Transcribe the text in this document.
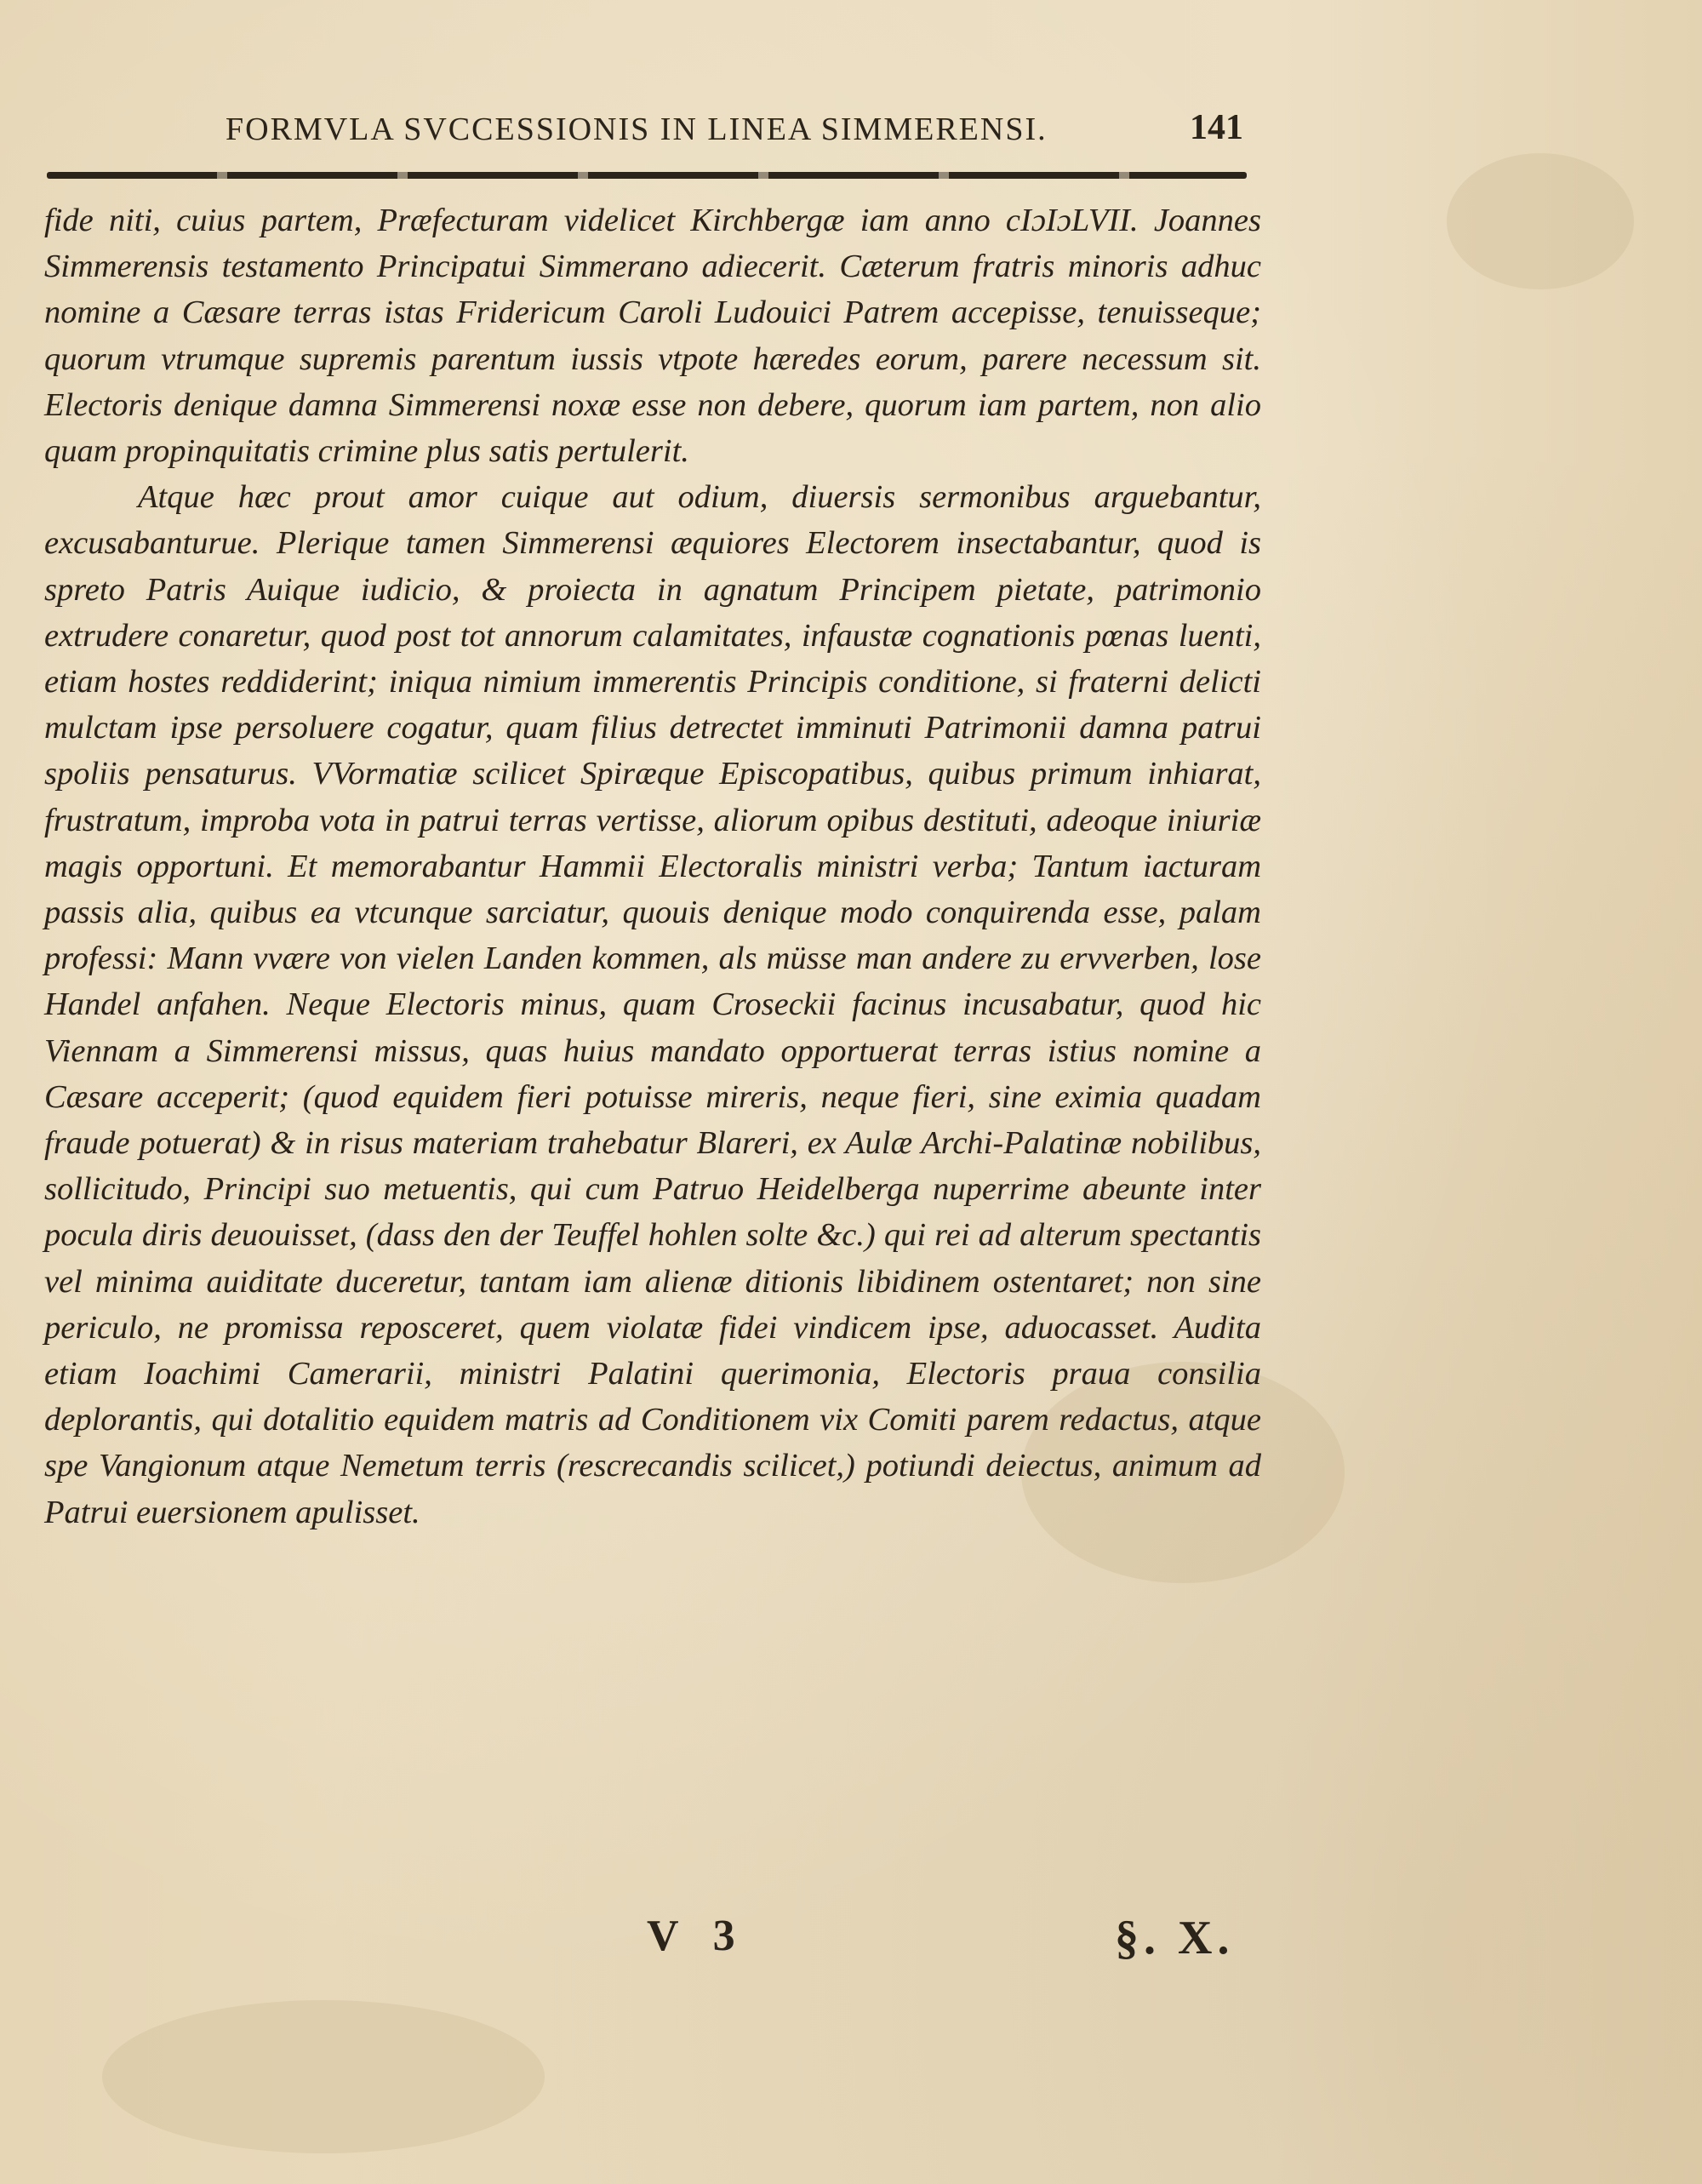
FORMVLA SVCCESSIONIS IN LINEA SIMMERENSI.	141

fide niti, cuius partem, Præfecturam videlicet Kirchbergæ iam anno cIɔIɔLVII. Joannes Simmerensis testamento Principatui Simmerano adiecerit. Cæterum fratris minoris adhuc nomine a Cæsare terras istas Fridericum Caroli Ludouici Patrem accepisse, tenuisseque; quorum vtrumque supremis parentum iussis vtpote hæredes eorum, parere necessum sit. Electoris denique damna Simmerensi noxæ esse non debere, quorum iam partem, non alio quam propinquitatis crimine plus satis pertulerit.

Atque hæc prout amor cuique aut odium, diuersis sermonibus arguebantur, excusabanturue. Plerique tamen Simmerensi æquiores Electorem insectabantur, quod is spreto Patris Auique iudicio, & proiecta in agnatum Principem pietate, patrimonio extrudere conaretur, quod post tot annorum calamitates, infaustæ cognationis pœnas luenti, etiam hostes reddiderint; iniqua nimium immerentis Principis conditione, si fraterni delicti mulctam ipse persoluere cogatur, quam filius detrectet imminuti Patrimonii damna patrui spoliis pensaturus. VVormatiæ scilicet Spiræque Episcopatibus, quibus primum inhiarat, frustratum, improba vota in patrui terras vertisse, aliorum opibus destituti, adeoque iniuriæ magis opportuni. Et memorabantur Hammii Electoralis ministri verba; Tantum iacturam passis alia, quibus ea vtcunque sarciatur, quouis denique modo conquirenda esse, palam professi: Mann vvære von vielen Landen kommen, als müsse man andere zu ervverben, lose Handel anfahen. Neque Electoris minus, quam Croseckii facinus incusabatur, quod hic Viennam a Simmerensi missus, quas huius mandato opportuerat terras istius nomine a Cæsare acceperit; (quod equidem fieri potuisse mireris, neque fieri, sine eximia quadam fraude potuerat) & in risus materiam trahebatur Blareri, ex Aulæ Archi-Palatinæ nobilibus, sollicitudo, Principi suo metuentis, qui cum Patruo Heidelberga nuperrime abeunte inter pocula diris deuouisset, (dass den der Teuffel hohlen solte &c.) qui rei ad alterum spectantis vel minima auiditate duceretur, tantam iam alienæ ditionis libidinem ostentaret; non sine periculo, ne promissa reposceret, quem violatæ fidei vindicem ipse, aduocasset. Audita etiam Ioachimi Camerarii, ministri Palatini querimonia, Electoris praua consilia deplorantis, qui dotalitio equidem matris ad Conditionem vix Comiti parem redactus, atque spe Vangionum atque Nemetum terris (rescrecandis scilicet,) potiundi deiectus, animum ad Patrui euersionem apulisset.

V 3	§. X.
